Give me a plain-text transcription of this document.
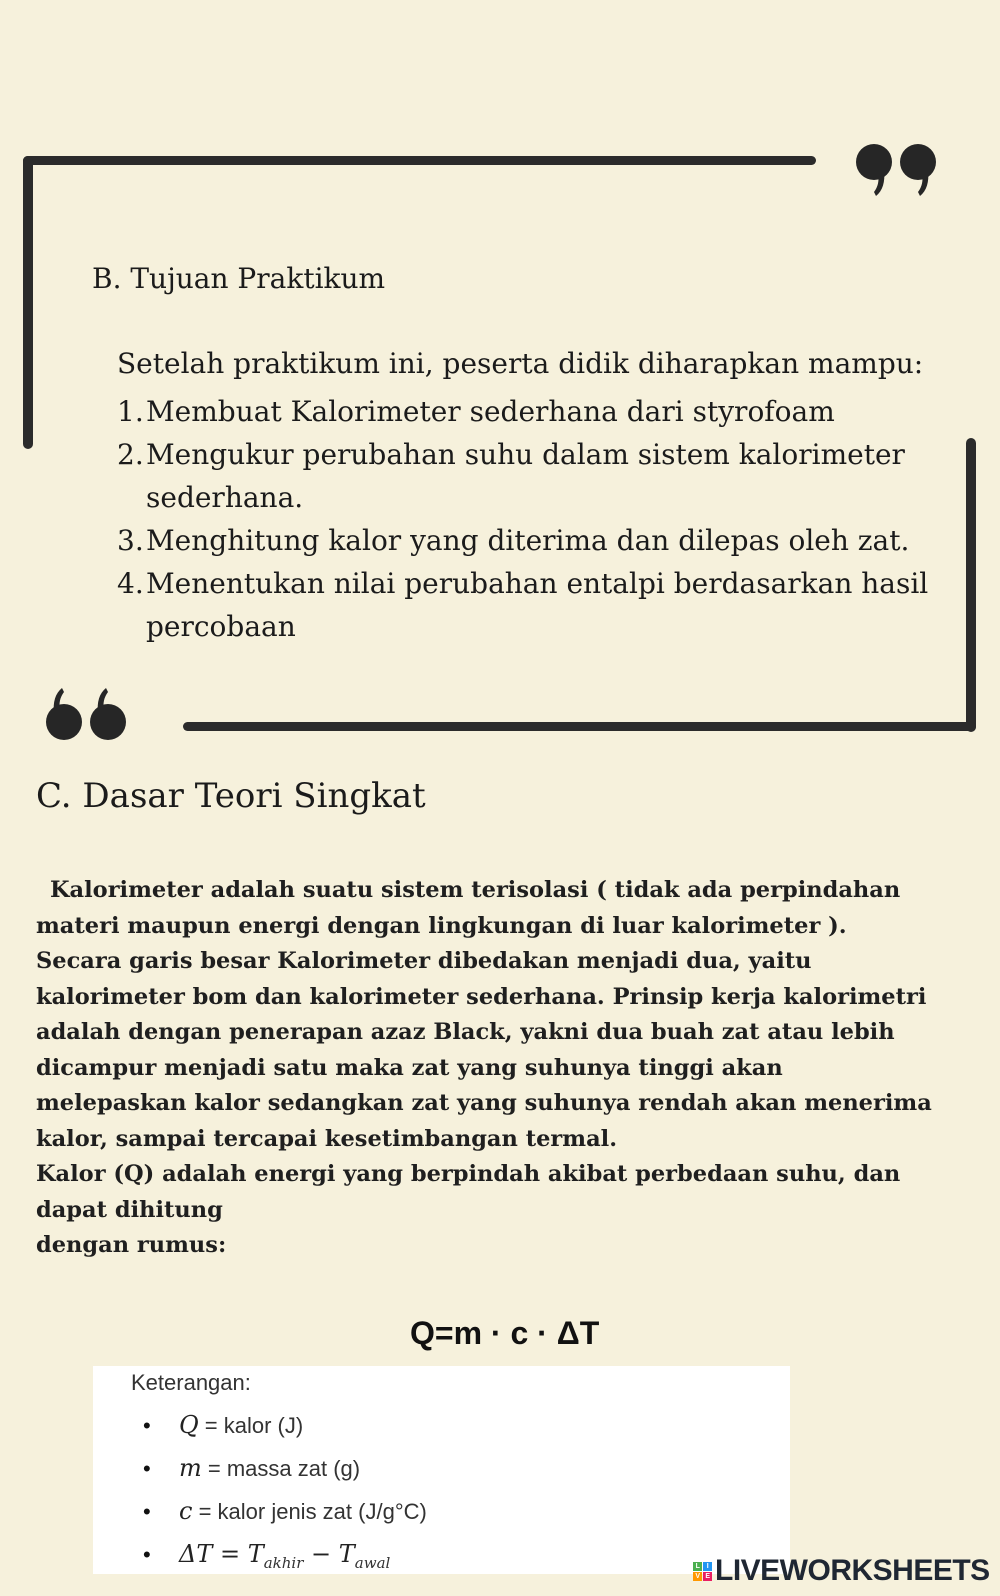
B. Tujuan Praktikum
Setelah praktikum ini, peserta didik diharapkan mampu:
1. Membuat Kalorimeter sederhana dari styrofoam
2. Mengukur perubahan suhu dalam sistem kalorimeter sederhana.
3. Menghitung kalor yang diterima dan dilepas oleh zat.
4. Menentukan nilai perubahan entalpi berdasarkan hasil percobaan
C. Dasar Teori Singkat
Kalorimeter adalah suatu sistem terisolasi ( tidak ada perpindahan materi maupun energi dengan lingkungan di luar kalorimeter ). Secara garis besar Kalorimeter dibedakan menjadi dua, yaitu kalorimeter bom dan kalorimeter sederhana. Prinsip kerja kalorimetri adalah dengan penerapan azaz Black, yakni dua buah zat atau lebih dicampur menjadi satu maka zat yang suhunya tinggi akan melepaskan kalor sedangkan zat yang suhunya rendah akan menerima kalor, sampai tercapai kesetimbangan termal.
Kalor (Q) adalah energi yang berpindah akibat perbedaan suhu, dan dapat dihitung
dengan rumus:
Q=m · c · ΔT
Keterangan:
• Q = kalor (J)
• m = massa zat (g)
• c = kalor jenis zat (J/g°C)
• $\Delta T = T_{akhir} - T_{awal}$	L	I
V E LIVEWORKSHEETS
